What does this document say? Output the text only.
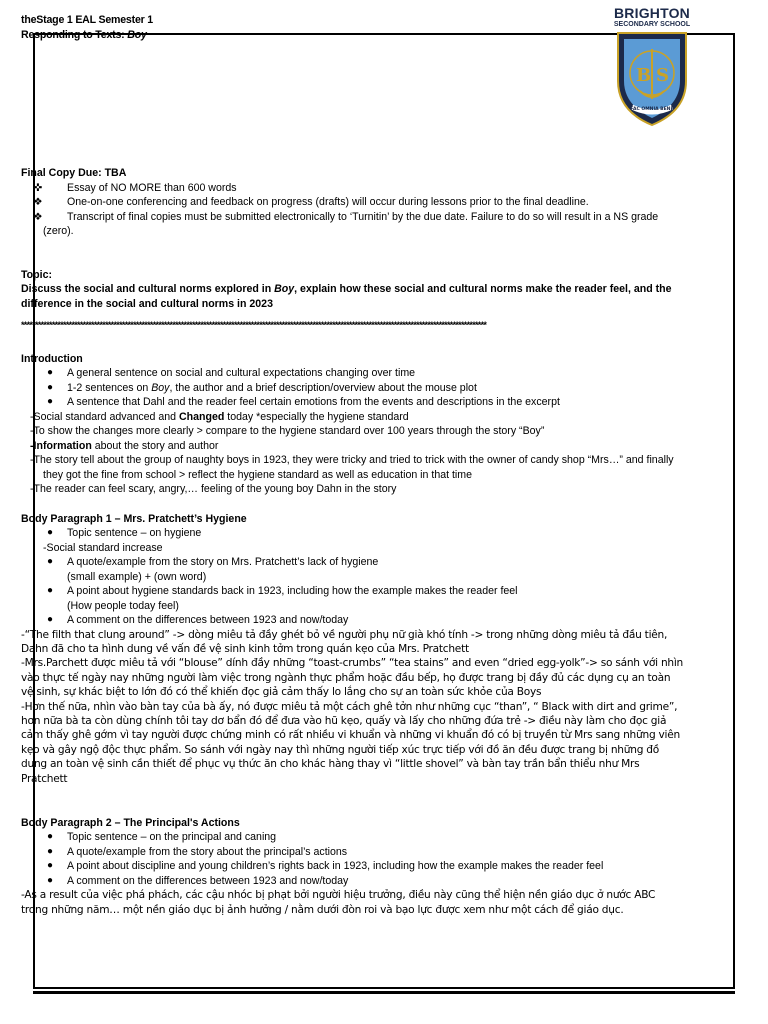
BRIGHTON
SECONDARY SCHOOL
B S
FAC OMNIA BENE
theStage 1 EAL Semester 1
Responding to Texts: Boy
Final Copy Due: TBA
✜ Essay of NO MORE than 600 words
❖ One-on-one conferencing and feedback on progress (drafts) will occur during lessons prior to the final deadline.
❖ Transcript of final copies must be submitted electronically to ‘Turnitin’ by the due date. Failure to do so will result in a NS grade
(zero).
Topic:
Discuss the social and cultural norms explored in Boy, explain how these social and cultural norms make the reader feel, and the difference in the social and cultural norms in 2023
**********************************************************************************************************************************************************************
Introduction
●	A general sentence on social and cultural expectations changing over time
●	1-2 sentences on Boy, the author and a brief description/overview about the mouse plot
●	A sentence that Dahl and the reader feel certain emotions from the events and descriptions in the excerpt
-Social standard advanced and Changed today *especially the hygiene standard
-To show the changes more clearly > compare to the hygiene standard over 100 years through the story “Boy”
-Information about the story and author
-The story tell about the group of naughty boys in 1923, they were tricky and tried to trick with the owner of candy shop “Mrs…” and finally they got the fine from school > reflect the hygiene standard as well as education in that time
-The reader can feel scary, angry,… feeling of the young boy Dahn in the story
Body Paragraph 1 – Mrs. Pratchett’s Hygiene
●	Topic sentence – on hygiene
-Social standard increase
●	A quote/example from the story on Mrs. Pratchett’s lack of hygiene
(small example) + (own word)
●	A point about hygiene standards back in 1923, including how the example makes the reader feel
(How people today feel)
●	A comment on the differences between 1923 and now/today
-“The filth that clung around” -> dòng miêu tả đầy ghét bỏ về người phụ nữ già khó tính -> trong những dòng miêu tả đầu tiên, Dahn đã cho ta hình dung về vấn đề vệ sinh kinh tởm trong quán kẹo của Mrs. Pratchett
-Mrs.Parchett được miêu tả với “blouse” dính đầy những “toast-crumbs” “tea stains” and even “dried egg-yolk”-> so sánh với nhìn vào thực tế ngày nay những người làm việc trong ngành thực phẩm hoặc đầu bếp, họ được trang bị đầy đủ các dụng cụ an toàn vệ sinh, sự khác biệt to lớn đó có thể khiến đọc giả cảm thấy lo lắng cho sự an toàn sức khỏe của Boys
-Hơn thế nữa, nhìn vào bàn tay của bà ấy, nó được miêu tả một cách ghê tởn như những cục “than”, “ Black with dirt and grime”, hơn nữa bà ta còn dùng chính tôi tay dơ bẩn đó để đưa vào hũ kẹo, quấy và lấy cho những đứa trẻ -> điều này làm cho đọc giả cảm thấy ghê gớm vì tay người được chứng minh có rất nhiều vi khuẩn và những vi khuẩn đó có bị truyền từ Mrs sang những viên kẹo và gây ngộ độc thực phẩm. So sánh với ngày nay thì những người tiếp xúc trực tiếp với đồ ăn đều được trang bị những đồ dung an toàn vệ sinh cần thiết để phục vụ thức ăn cho khác hàng thay vì “little shovel” và bàn tay trần bẩn thiểu như Mrs Pratchett
Body Paragraph 2 – The Principal's Actions
●	Topic sentence – on the principal and caning
●	A quote/example from the story about the principal’s actions
●	A point about discipline and young children’s rights back in 1923, including how the example makes the reader feel
●	A comment on the differences between 1923 and now/today
-As a result của việc phá phách, các cậu nhóc bị phạt bởi người hiệu trưởng, điều này cũng thể hiện nền giáo dục ở nước ABC trong những năm… một nền giáo dục bị ảnh hưởng / nằm dưới đòn roi và bạo lực được xem như một cách để giáo dục.
